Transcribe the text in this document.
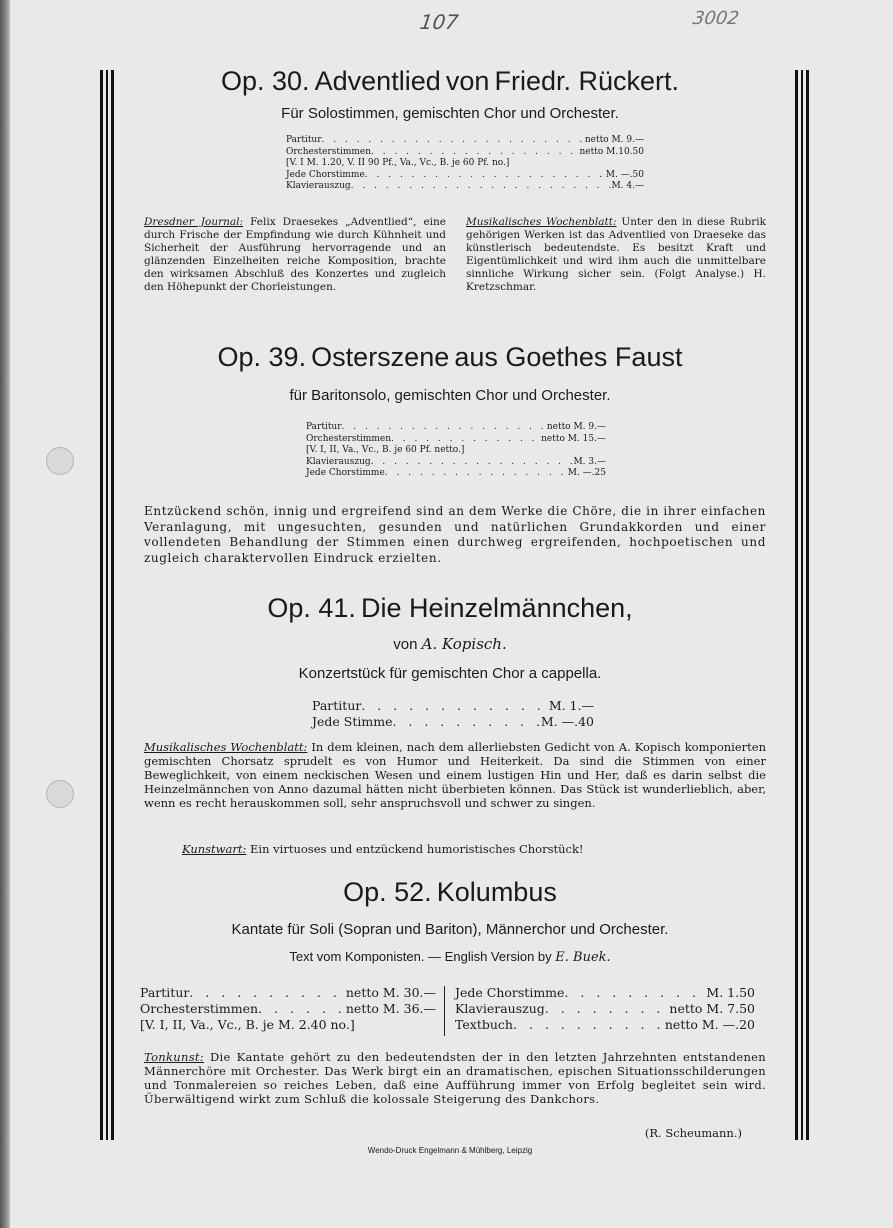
107	3002
Op. 30. Adventlied von Friedr. Rückert.
Für Solostimmen, gemischten Chor und Orchester.
Partitur . . .	netto M. 9.—
Orchesterstimmen . . .	netto M.10.50
[V. I M. 1.20, V. II 90 Pf., Va., Vc., B. je 60 Pf. no.]
Jede Chorstimme . . .	M. —.50
Klavierauszug . . .	M. 4.—
Dresdner Journal: Felix Draesekes „Adventlied“, eine durch Frische der Empfindung wie durch Kühnheit und Sicherheit der Ausführung hervorragende und an glänzenden Einzelheiten reiche Komposition, brachte den wirksamen Abschluß des Konzertes und zugleich den Höhepunkt der Chorleistungen.
Musikalisches Wochenblatt: Unter den in diese Rubrik gehörigen Werken ist das Adventlied von Draeseke das künstlerisch bedeutendste. Es besitzt Kraft und Eigentümlichkeit und wird ihm auch die unmittelbare sinnliche Wirkung sicher sein. (Folgt Analyse.) H. Kretzschmar.
Op. 39. Osterszene aus Goethes Faust
für Baritonsolo, gemischten Chor und Orchester.
Partitur . . .	netto M. 9.—
Orchesterstimmen . . .	netto M. 15.—
[V. I, II, Va., Vc., B. je 60 Pf. netto.]
Klavierauszug . . .	M. 3.—
Jede Chorstimme . . .	M. —.25
Entzückend schön, innig und ergreifend sind an dem Werke die Chöre, die in ihrer einfachen Veranlagung, mit ungesuchten, gesunden und natürlichen Grundakkorden und einer vollendeten Behandlung der Stimmen einen durchweg ergreifenden, hochpoetischen und zugleich charaktervollen Eindruck erzielten.
Op. 41. Die Heinzelmännchen,
von A. Kopisch.
Konzertstück für gemischten Chor a cappella.
Partitur . . .	M. 1.—
Jede Stimme . . .	M. —.40
Musikalisches Wochenblatt: In dem kleinen, nach dem allerliebsten Gedicht von A. Kopisch komponierten gemischten Chorsatz sprudelt es von Humor und Heiterkeit. Da sind die Stimmen von einer Beweglichkeit, von einem neckischen Wesen und einem lustigen Hin und Her, daß es darin selbst die Heinzelmännchen von Anno dazumal hätten nicht überbieten können. Das Stück ist wunderlieblich, aber, wenn es recht herauskommen soll, sehr anspruchsvoll und schwer zu singen.
Kunstwart: Ein virtuoses und entzückend humoristisches Chorstück!
Op. 52. Kolumbus
Kantate für Soli (Sopran und Bariton), Männerchor und Orchester.
Text vom Komponisten. — English Version by E. Buek.
Partitur . . .	netto M. 30.—
Orchesterstimmen . . .	netto M. 36.—
[V. I, II, Va., Vc., B. je M. 2.40 no.]
Jede Chorstimme . . .	M. 1.50
Klavierauszug . . .	netto M. 7.50
Textbuch . . .	netto M. —.20
Tonkunst: Die Kantate gehört zu den bedeutendsten der in den letzten Jahrzehnten entstandenen Männerchöre mit Orchester. Das Werk birgt ein an dramatischen, epischen Situationsschilderungen und Tonmalereien so reiches Leben, daß eine Aufführung immer von Erfolg begleitet sein wird. Überwältigend wirkt zum Schluß die kolossale Steigerung des Dankchors.
(R. Scheumann.)
Wendo-Druck Engelmann & Mühlberg, Leipzig
